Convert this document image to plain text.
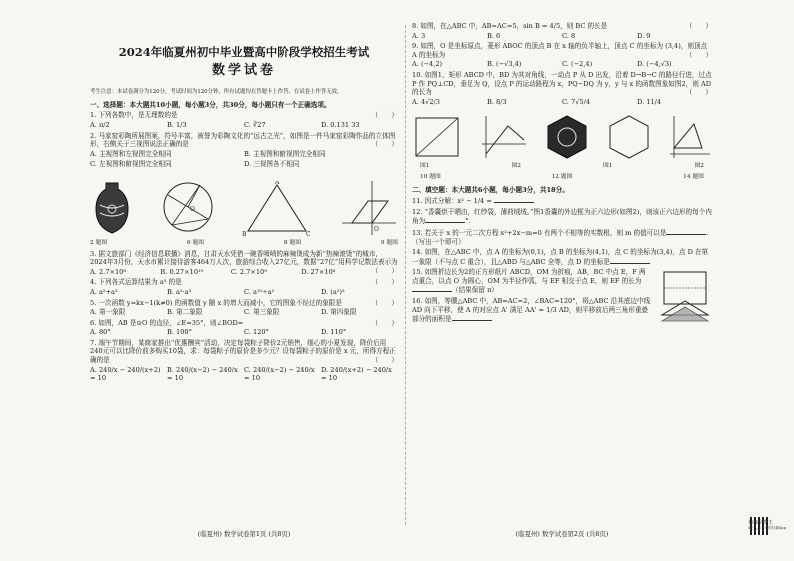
2024年临夏州初中毕业暨高中阶段学校招生考试
数学试卷
考生注意：本试卷满分为120分，考试时间为120分钟，所有试题均在答题卡上作答，在试卷上作答无效。
一、选择题：本大题共10小题，每小题3分，共30分，每小题只有一个正确选项。
1. 下列各数中，是无理数的是	（　　）
A. π/2	B. 1/3	C. ∛27	D. 0.131 33
2. 马家窑彩陶所展图案，符号丰富，被誉为彩陶文化的“远古之光”，如图是一件马家窑彩陶作品的立体图形，右侧关于三视图说法正确的是	（　　）
A. 主视图和左视图完全相同	B. 主视图和俯视图完全相同
C. 左视图和俯视图完全相同	D. 三视图各不相同
O
A
B	C
O
2 题图	6 题图	8 题图	9 题图
3. 据文旅部门《经济信息联播》消息，甘肃天水凭借一碗香喷喷的麻辣烫成为新“热辣滚烫”的城市，2024年3月份，天水市累计接待游客464万人次，旅游综合收入27亿元，数据“27亿”用科学记数法表示为
（　　）
A. 2.7×10⁸	B. 0.27×10¹⁰	C. 2.7×10⁹	D. 27×10⁸
4. 下列各式运算结果为 a⁵ 的是	（　　）
A. a²+a³	B. a²·a³	C. a¹⁰÷a²	D. (a²)³
5. 一次函数 y=kx−1(k≠0) 的函数值 y 随 x 的增大而减小，它的图象不经过的象限是	（　　）
A. 第一象限	B. 第二象限	C. 第三象限	D. 第四象限
6. 如图，AB 是⊙O 的直径，∠E=35°，则∠BOD=	（　　）
A. 80°	B. 100°	C. 120°	D. 110°
7. 端午节期间，某商家推出“优惠酬宾”活动，决定每袋粽子降价2元销售，细心的小夏发现，降价后用240元可以比降价前多购买10袋，求：每袋粽子的原价是多少元？设每袋粽子的原价是 x 元，所得方程正确的是	（　　）
A. 240/x − 240/(x+2) = 10
B. 240/(x−2) − 240/x = 10
C. 240/(x−2) − 240/x = 10
D. 240/(x+2) − 240/x = 10
(临夏州) 数学试卷第1页 (共8页)
8. 如图，在△ABC 中，AB=AC=5，sin B = 4/5，则 BC 的长是	（　　）
A. 3	B. 6	C. 8	D. 9
9. 如图，O 是坐标原点，菱形 ABOC 的顶点 B 在 x 轴的负半轴上，顶点 C 的坐标为 (3,4)，则顶点 A 的坐标为	（　　）
A. (−4,2)	B. (−√3,4)	C. (−2,4)	D. (−4,√3)
10. 如图1，矩形 ABCD 中，BD 为其对角线，一动点 P 从 D 出发，沿着 D→B→C 的路径行进，过点 P 作 PQ⊥CD，垂足为 Q，设点 P 的运动路程为 x，PQ−DQ 为 y，y 与 x 的函数图象如图2，则 AD 的长为	（　　）
A. 4√2/3	B. 8/3	C. 7√5/4	D. 11/4
图1	图2	图1	图2
10 题图	12 题图	14 题图
二、填空题：本大题共6小题，每小题3分，共18分。
11. 因式分解：x² − 1/4 =
12. “香囊烘干晒由，红纱袋，薄荷绒绒。”图1香囊的外边框为正六边形(如图2)，则该正六边形的每个内角为	°.
13. 若关于 x 的一元二次方程 x²+2x−m=0 有两个不相等的实数根，则 m 的值可以是	.（写出一个即可）
14. 如图，在△ABC 中，点 A 的坐标为(0,1)，点 B 的坐标为(4,1)，点 C 的坐标为(3,4)，点 D 在第一象限（不与点 C 重合），且△ABD 与△ABC 全等，点 D 的坐标是
15. 如图折边长为2的正方形纸片 ABCD，OM 为折痕，AB，BC 中点 E，F 两点重合，以点 O 为圆心，OM 为半径作弧，与 EF 相交于点 E，则 EF 的长为（结果保留 π）
16. 如图，等腰△ABC 中，AB=AC=2，∠BAC=120°，将△ABC 沿其底边中线 AD 向下平移，使 A 的对应点 A' 满足 AA' = 1/3 AD，则平移前后两三角形重叠部分的面积是
(临夏州) 数学试卷第2页 (共8页)
扫描全能王
3亿人都在用的扫描App
